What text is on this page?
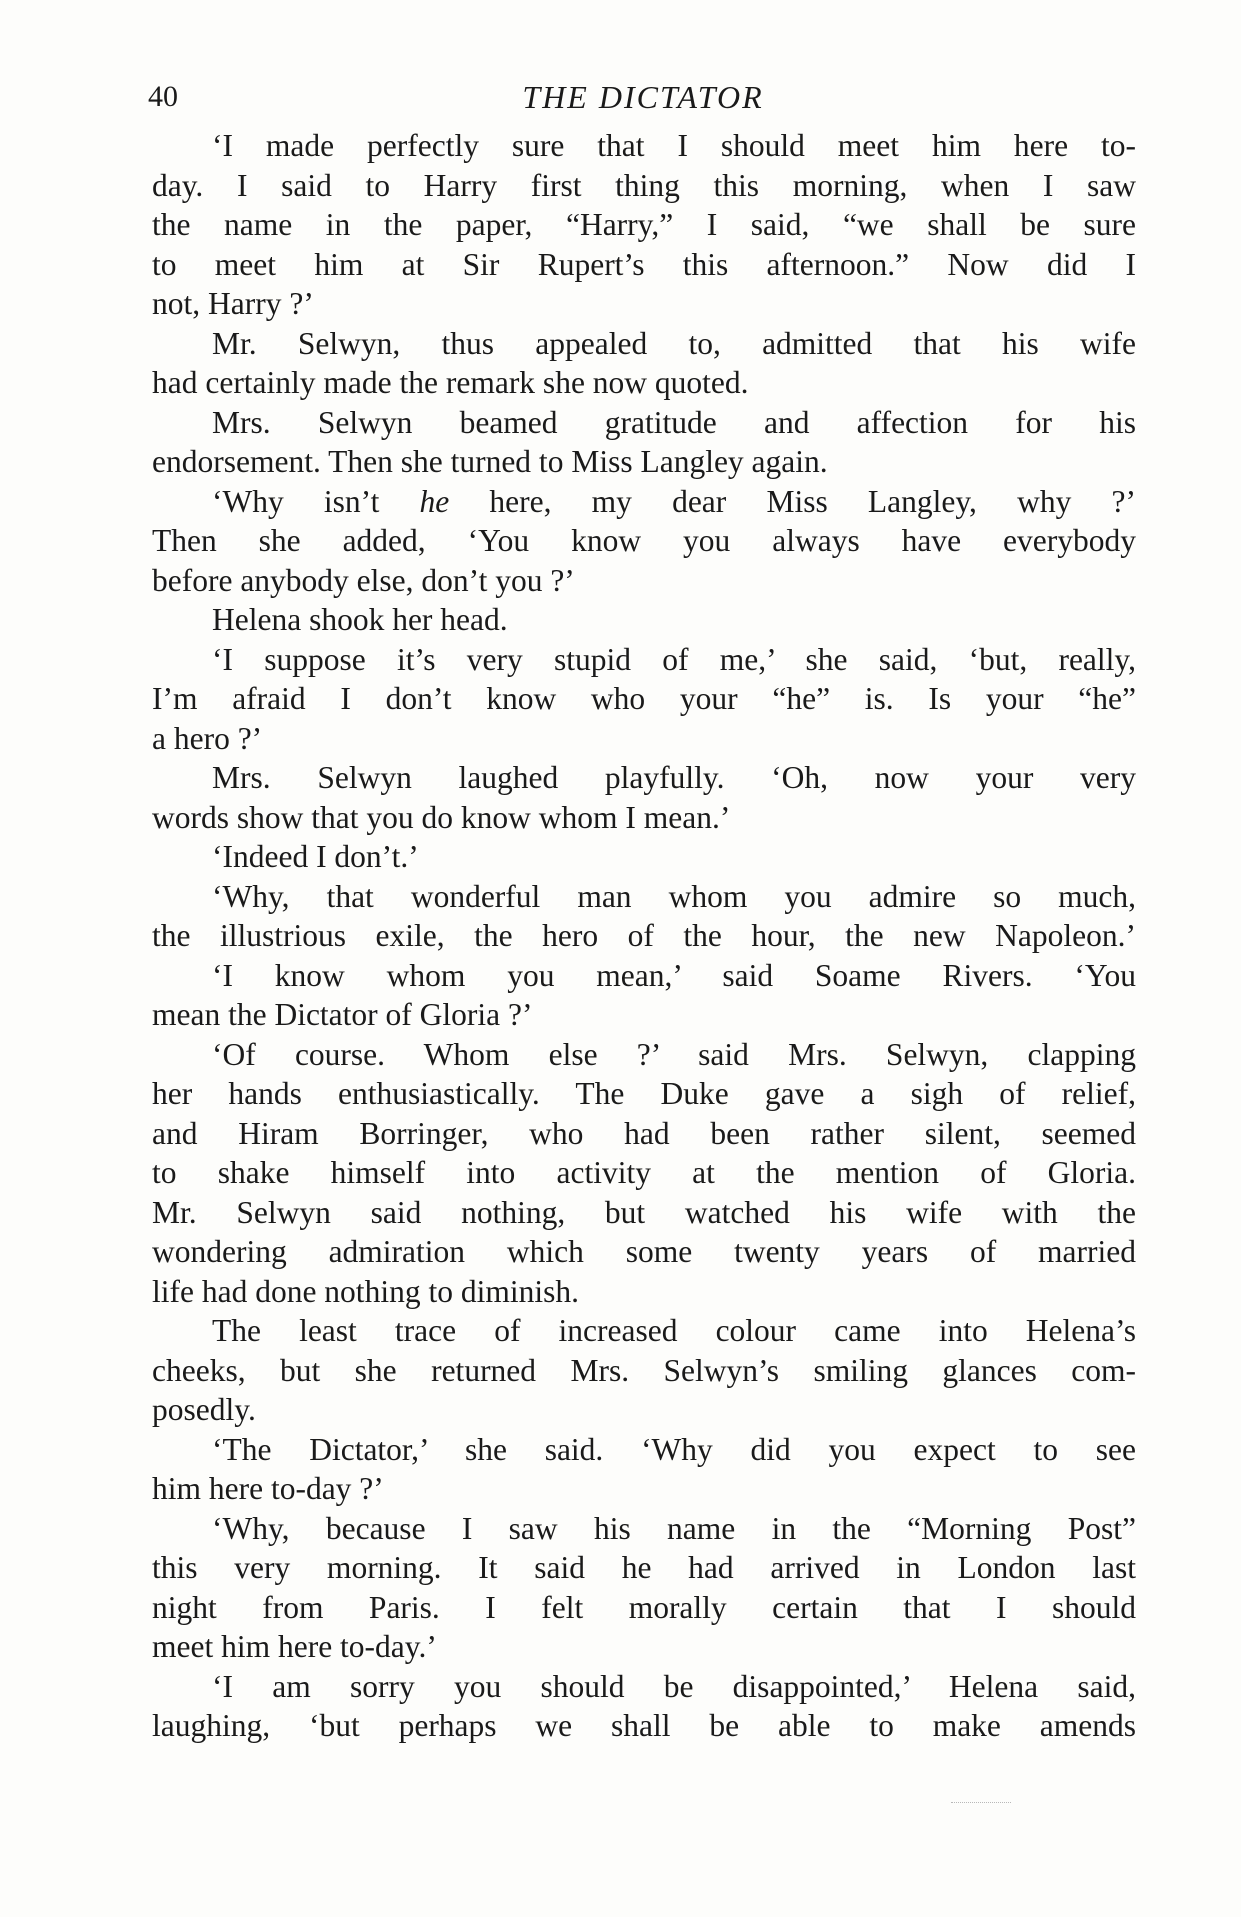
40	THE DICTATOR
‘I made perfectly sure that I should meet him here to-
day. I said to Harry first thing this morning, when I saw
the name in the paper, “Harry,” I said, “we shall be sure
to meet him at Sir Rupert’s this afternoon.” Now did I
not, Harry ?’
Mr. Selwyn, thus appealed to, admitted that his wife
had certainly made the remark she now quoted.
Mrs. Selwyn beamed gratitude and affection for his
endorsement. Then she turned to Miss Langley again.
‘Why isn’t he here, my dear Miss Langley, why ?’
Then she added, ‘You know you always have everybody
before anybody else, don’t you ?’
Helena shook her head.
‘I suppose it’s very stupid of me,’ she said, ‘but, really,
I’m afraid I don’t know who your “he” is. Is your “he”
a hero ?’
Mrs. Selwyn laughed playfully. ‘Oh, now your very
words show that you do know whom I mean.’
‘Indeed I don’t.’
‘Why, that wonderful man whom you admire so much,
the illustrious exile, the hero of the hour, the new Napoleon.’
‘I know whom you mean,’ said Soame Rivers. ‘You
mean the Dictator of Gloria ?’
‘Of course. Whom else ?’ said Mrs. Selwyn, clapping
her hands enthusiastically. The Duke gave a sigh of relief,
and Hiram Borringer, who had been rather silent, seemed
to shake himself into activity at the mention of Gloria.
Mr. Selwyn said nothing, but watched his wife with the
wondering admiration which some twenty years of married
life had done nothing to diminish.
The least trace of increased colour came into Helena’s
cheeks, but she returned Mrs. Selwyn’s smiling glances com-
posedly.
‘The Dictator,’ she said. ‘Why did you expect to see
him here to-day ?’
‘Why, because I saw his name in the “Morning Post”
this very morning. It said he had arrived in London last
night from Paris. I felt morally certain that I should
meet him here to-day.’
‘I am sorry you should be disappointed,’ Helena said,
laughing, ‘but perhaps we shall be able to make amends
